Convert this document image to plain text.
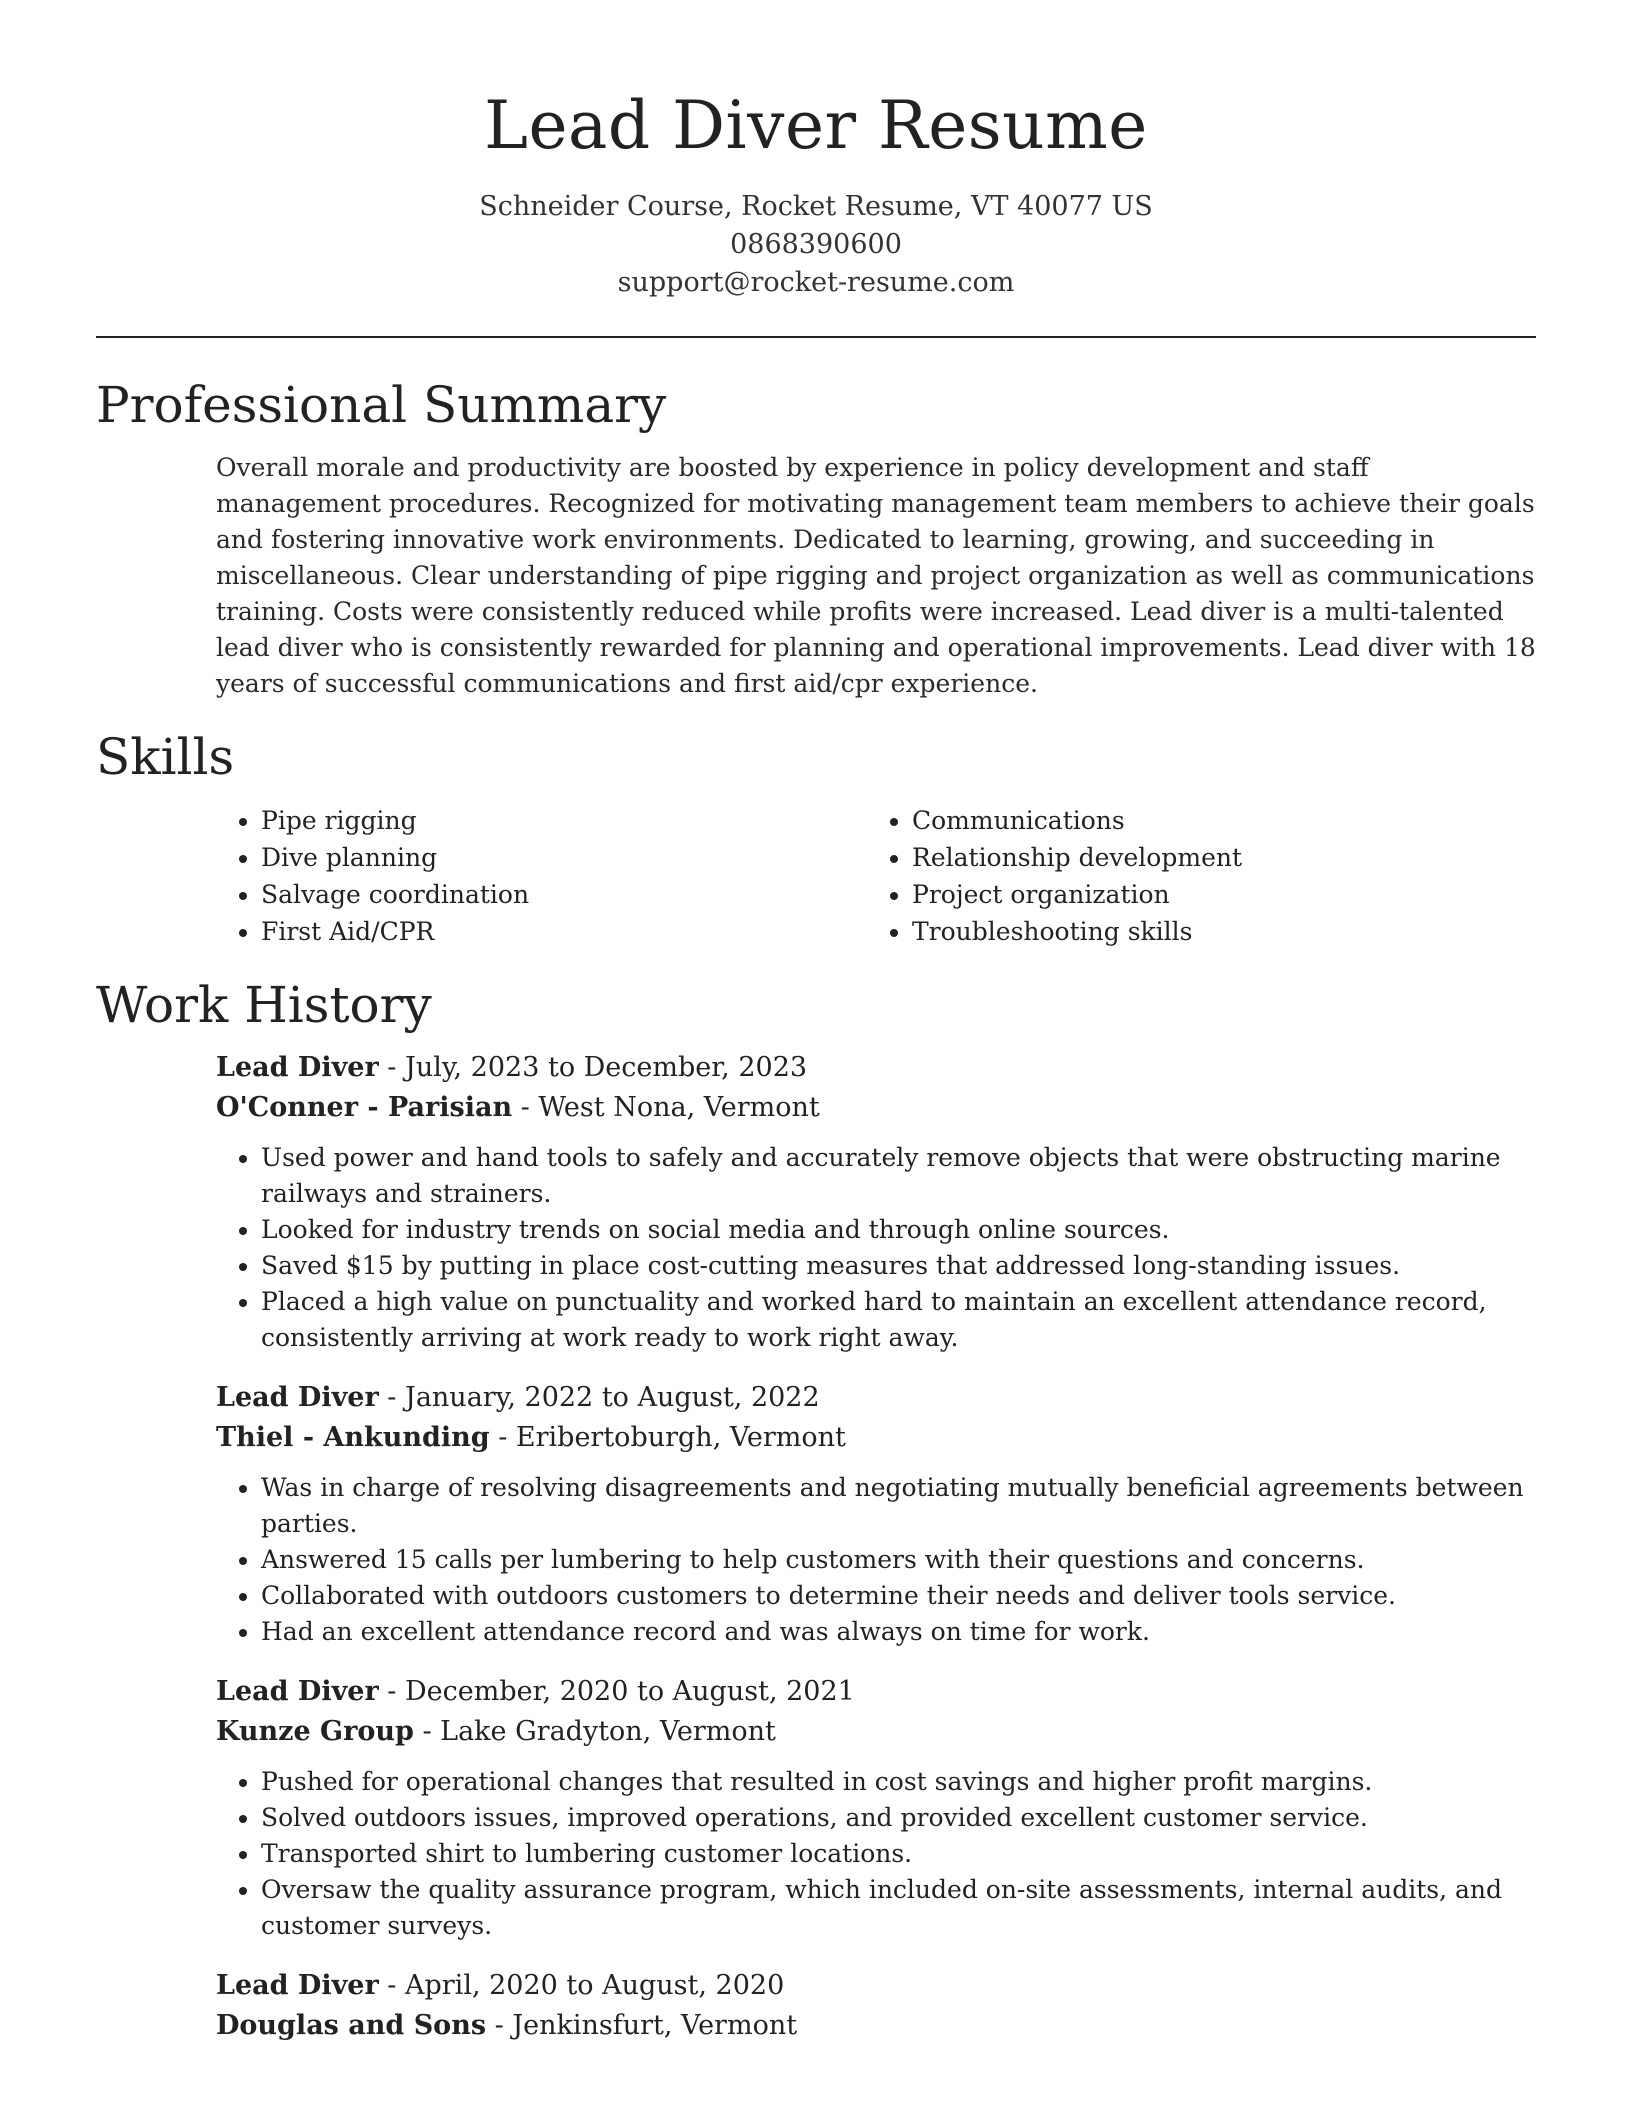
Lead Diver Resume
Schneider Course, Rocket Resume, VT 40077 US
0868390600
support@rocket-resume.com
Professional Summary

Overall morale and productivity are boosted by experience in policy development and staff management procedures. Recognized for motivating management team members to achieve their goals and fostering innovative work environments. Dedicated to learning, growing, and succeeding in miscellaneous. Clear understanding of pipe rigging and project organization as well as communications training. Costs were consistently reduced while profits were increased. Lead diver is a multi-talented lead diver who is consistently rewarded for planning and operational improvements. Lead diver with 18 years of successful communications and first aid/cpr experience.

Skills
• Pipe rigging
• Dive planning
• Salvage coordination
• First Aid/CPR
• Communications
• Relationship development
• Project organization
• Troubleshooting skills
Work History
Lead Diver - July, 2023 to December, 2023
O'Conner - Parisian - West Nona, Vermont
• Used power and hand tools to safely and accurately remove objects that were obstructing marine railways and strainers.
• Looked for industry trends on social media and through online sources.
• Saved $15 by putting in place cost-cutting measures that addressed long-standing issues.
• Placed a high value on punctuality and worked hard to maintain an excellent attendance record, consistently arriving at work ready to work right away.
Lead Diver - January, 2022 to August, 2022
Thiel - Ankunding - Eribertoburgh, Vermont
• Was in charge of resolving disagreements and negotiating mutually beneficial agreements between parties.
• Answered 15 calls per lumbering to help customers with their questions and concerns.
• Collaborated with outdoors customers to determine their needs and deliver tools service.
• Had an excellent attendance record and was always on time for work.
Lead Diver - December, 2020 to August, 2021
Kunze Group - Lake Gradyton, Vermont
• Pushed for operational changes that resulted in cost savings and higher profit margins.
• Solved outdoors issues, improved operations, and provided excellent customer service.
• Transported shirt to lumbering customer locations.
• Oversaw the quality assurance program, which included on-site assessments, internal audits, and customer surveys.
Lead Diver - April, 2020 to August, 2020
Douglas and Sons - Jenkinsfurt, Vermont
